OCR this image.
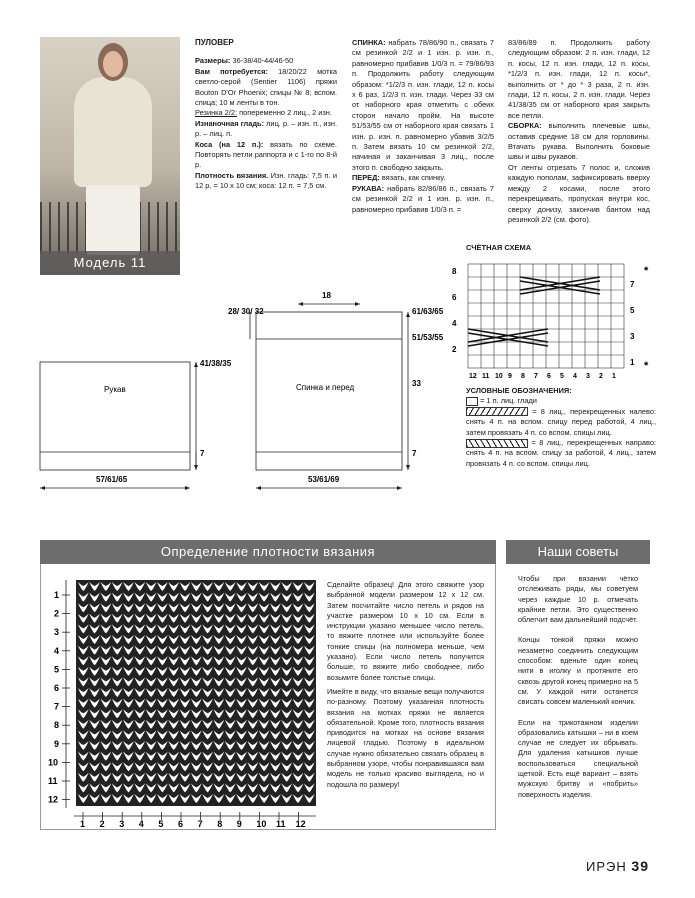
Модель 11
ПУЛОВЕР
Размеры: 36-38/40-44/46-50
Вам потребуется: 18/20/22 мотка светло-серой (Sentier 1106) пряжи Bouton D'Or Phoenix; спицы № 8; вспом. спица; 10 м ленты в тон.
Резинка 2/2: попеременно 2 лиц., 2 изн.
Изнаночная гладь: лиц. р. – изн. п., изн. р. – лиц. п.
Коса (на 12 п.): вязать по схеме. Повторять петли раппорта и с 1-го по 8-й р.
Плотность вязания. Изн. гладь: 7,5 п. и 12 р. = 10 x 10 см; коса: 12 п. = 7,5 см.
СПИНКА: набрать 78/86/90 п., связать 7 см резинкой 2/2 и 1 изн. р. изн. п., равномерно прибавив 1/0/3 п. = 79/86/93 п. Продолжить работу следующим образом: *1/2/3 п. изн. глади, 12 п. косы x 6 раз, 1/2/3 п. изн. глади. Через 33 см от наборного края отметить с обеих сторон начало пройм. На высоте 51/53/55 см от наборного края связать 1 изн. р. изн. п. равномерно убавив 3/2/5 п. Затем вязать 10 см резинкой 2/2, начиная и заканчивая 3 лиц., после этого п. свободно закрыть.
ПЕРЕД: вязать, как спинку.
РУКАВА: набрать 82/86/86 п., связать 7 см резинкой 2/2 и 1 изн. р. изн. п., равномерно прибавив 1/0/3 п. =
83/86/89 п. Продолжить работу следующим образом: 2 п. изн. глади, 12 п. косы, 12 п. изн. глади, 12 п. косы, *1/2/3 п. изн. глади, 12 п. косы*, выполнить от * до * 3 раза, 2 п. изн. глади, 12 п. косы, 2 п. изн. глади. Через 41/38/35 см от наборного края закрыть все петли.
СБОРКА: выполнить плечевые швы, оставив средние 18 см для горловины. Втачать рукава. Выполнить боковые швы и швы рукавов.
От ленты отрезать 7 полос и, сложив каждую пополам, зафиксировать вверху между 2 косами, после этого перекрещивать, пропуская внутри кос, сверху донизу, закончив бантом над резинкой 2/2 (см. фото).
СЧЁТНАЯ СХЕМА
8
6
4
2
7
5
3
1
*
*
12 11 10 9 8 7 6 5 4 3 2 1
УСЛОВНЫЕ ОБОЗНАЧЕНИЯ:
= 1 п. лиц. глади
= 8 лиц., перекрещенных налево: снять 4 п. на вспом. спицу перед работой, 4 лиц., затем провязать 4 п. со вспом. спицы лиц.
= 8 лиц., перекрещенных направо: снять 4 п. на вспом. спицу за работой, 4 лиц., затем провязать 4 п. со вспом. спицы лиц.
Рукав	Спинка и перед
41/38/35
7
57/61/65
18
28/ 30/ 32	61/63/65
51/53/55
33
7
53/61/69
Определение плотности вязания
1
2
3
4
5
6
7
8
9
10
11
12
1 2 3 4 5 6 7 8 9 10 11 12
Сделайте образец! Для этого свяжите узор выбранной модели размером 12 x 12 см. Затем посчитайте число петель и рядов на участке размером 10 x 10 см. Если в инструкции указано меньшее число петель, то вяжите плотнее или используйте более тонкие спицы (на полномера меньше, чем указано). Если число петель получится больше, то вяжите либо свободнее, либо возьмите более толстые спицы.
Имейте в виду, что вязаные вещи получаются по-разному. Поэтому указанная плотность вязания на мотках пряжи не является обязательной. Кроме того, плотность вязания приводится на мотках на основе вязания лицевой гладью. Поэтому в идеальном случае нужно обязательно связать образец в выбранном узоре, чтобы понравившаяся вам модель не только красиво выглядела, но и подошла по размеру!
Наши советы
Чтобы при вязании чётко отслеживать ряды, мы советуем через каждые 10 р. отмечать крайние петли. Это существенно облегчит вам дальнейший подсчёт.
Концы тонкой пряжи можно незаметно соединить следующим способом: вденьте один конец нити в иголку и протяните его сквозь другой конец примерно на 5 см. У каждой нити останется свисать совсем маленький кончик.
Если на трикотажном изделии образовались катышки – ни в коем случае не следует их обрывать. Для удаления катышков лучше воспользоваться специальной щеткой. Есть ещё вариант – взять мужскую бритву и «побрить» поверхность изделия.
ИРЭН 39
